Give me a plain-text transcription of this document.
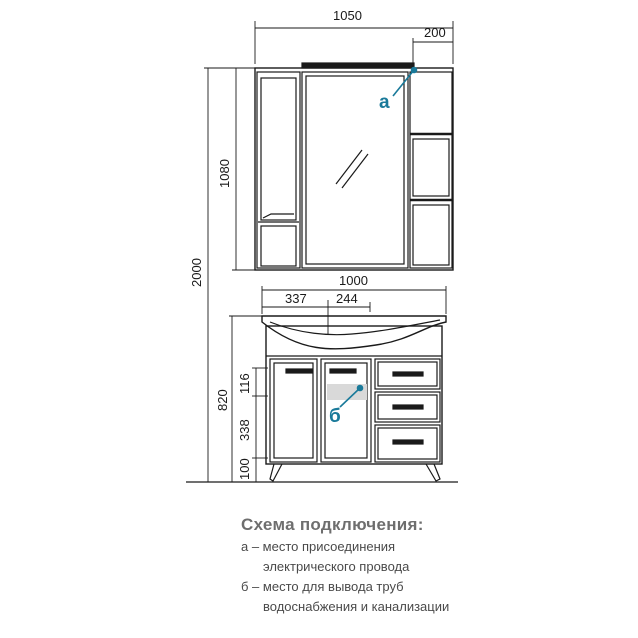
1050
200
1080
2000	1000
337 244
820
116
338
100
а
б
Схема подключения:
а – место присоединения
электрического провода
б – место для вывода труб
водоснабжения и канализации
